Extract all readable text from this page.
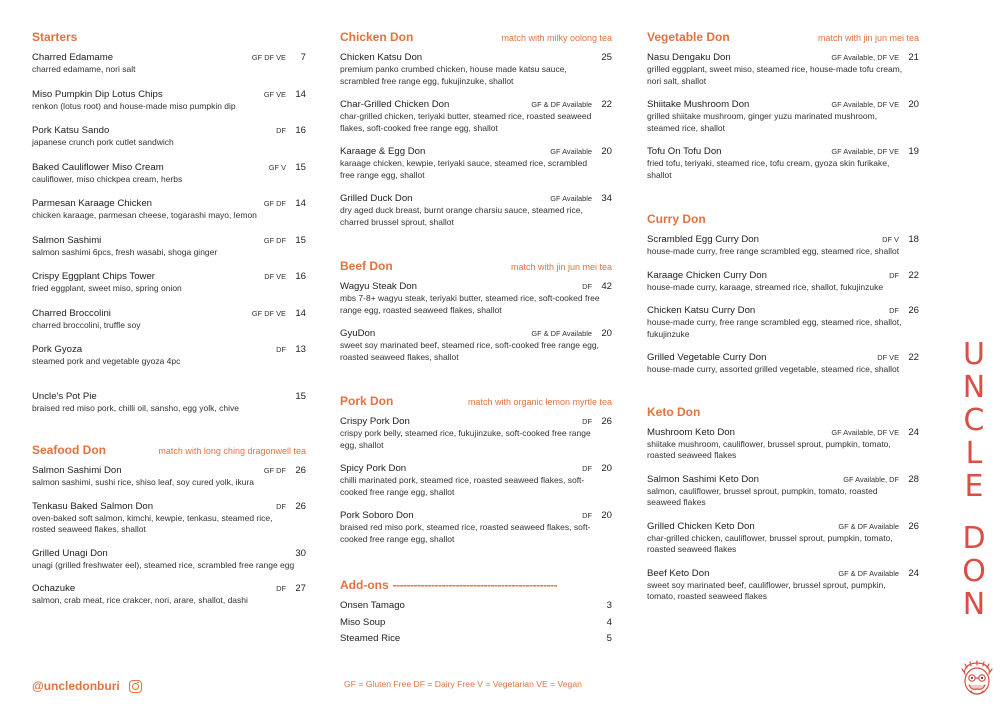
Starters
Charred Edamame	GF DF VE	7
charred edamame, nori salt
Miso Pumpkin Dip Lotus Chips	GF VE 14
renkon (lotus root) and house-made miso pumpkin dip
Pork Katsu Sando	DF 16
japanese crunch pork cutlet sandwich
Baked Cauliflower Miso Cream	GF V 15
cauliflower, miso chickpea cream, herbs
Parmesan Karaage Chicken	GF DF 14
chicken karaage, parmesan cheese, togarashi mayo, lemon
Salmon Sashimi	GF DF 15
salmon sashimi 6pcs, fresh wasabi, shoga ginger
Crispy Eggplant Chips Tower	DF VE 16
fried eggplant, sweet miso, spring onion
Charred Broccolini	GF DF VE 14
charred broccolini, truffle soy
Pork Gyoza	DF 13
steamed pork and vegetable gyoza 4pc
Uncle's Pot Pie	15
braised red miso pork, chilli oil, sansho, egg yolk, chive
Seafood Don	match with long ching dragonwell tea
Salmon Sashimi Don	GF DF 26
salmon sashimi, sushi rice, shiso leaf, soy cured yolk, ikura
Tenkasu Baked Salmon Don	DF 26
oven-baked soft salmon, kimchi, kewpie, tenkasu, steamed rice, rosted seaweed flakes, shallot
Grilled Unagi Don	30
unagi (grilled freshwater eel), steamed rice, scrambled free range egg
Ochazuke	DF 27
salmon, crab meat, rice crakcer, nori, arare, shallot, dashi
Chicken Don	match with milky oolong tea
Chicken Katsu Don	25
premium panko crumbed chicken, house made katsu sauce, scrambled free range egg, fukujinzuke, shallot
Char-Grilled Chicken Don	GF & DF Available 22
char-grilled chicken, teriyaki butter, steamed rice, roasted seaweed flakes, soft-cooked free range egg, shallot
Karaage & Egg Don	GF Available 20
karaage chicken, kewpie, teriyaki sauce, steamed rice, scrambled free range egg, shallot
Grilled Duck Don	GF Available 34
dry aged duck breast, burnt orange charsiu sauce, steamed rice, charred brussel sprout, shallot
Beef Don	match with jin jun mei tea
Wagyu Steak Don	DF 42
mbs 7-8+ wagyu steak, teriyaki butter, steamed rice, soft-cooked free range egg, roasted seaweed flakes, shallot
GyuDon	GF & DF Available 20
sweet soy marinated beef, steamed rice, soft-cooked free range egg, roasted seaweed flakes, shallot
Pork Don	match with organic lemon myrtle tea
Crispy Pork Don	DF 26
crispy pork belly, steamed rice, fukujinzuke, soft-cooked free range egg, shallot
Spicy Pork Don	DF 20
chilli marinated pork, steamed rice, roasted seaweed flakes, soft-cooked free range egg, shallot
Pork Soboro Don	DF 20
braised red miso pork, steamed rice, roasted seaweed flakes, soft-cooked free range egg, shallot
Add-ons -----------------------------------------------
Onsen Tamago	3
Miso Soup	4
Steamed Rice	5
Vegetable Don	match with jin jun mei tea
Nasu Dengaku Don	GF Available, DF VE 21
grilled eggplant, sweet miso, steamed rice, house-made tofu cream, nori salt, shallot
Shiitake Mushroom Don	GF Available, DF VE 20
grilled shiitake mushroom, ginger yuzu marinated mushroom, steamed rice, shallot
Tofu On Tofu Don	GF Available, DF VE 19
fried tofu, teriyaki, steamed rice, tofu cream, gyoza skin furikake, shallot
Curry Don
Scrambled Egg Curry Don	DF V 18
house-made curry, free range scrambled egg, steamed rice, shallot
Karaage Chicken Curry Don	DF 22
house-made curry, karaage, streamed rice, shallot, fukujinzuke
Chicken Katsu Curry Don	DF 26
house-made curry, free range scrambled egg, steamed rice, shallot, fukujinzuke
Grilled Vegetable Curry Don	DF VE 22
house-made curry, assorted grilled vegetable, steamed rice, shallot
Keto Don
Mushroom Keto Don	GF Available, DF VE 24
shiitake mushroom, cauliflower, brussel sprout, pumpkin, tomato, roasted seaweed flakes
Salmon Sashimi Keto Don	GF Available, DF 28
salmon, cauliflower, brussel sprout, pumpkin, tomato, roasted seaweed flakes
Grilled Chicken Keto Don	GF & DF Available 26
char-grilled chicken, cauliflower, brussel sprout, pumpkin, tomato, roasted seaweed flakes
Beef Keto Don	GF & DF Available 24
sweet soy marinated beef, cauliflower, brussel sprout, pumpkin, tomato, roasted seaweed flakes
@uncledonburi	GF = Gluten Free DF = Dairy Free V = Vegetarian VE = Vegan
U
N
C
L
E
D
O
N
